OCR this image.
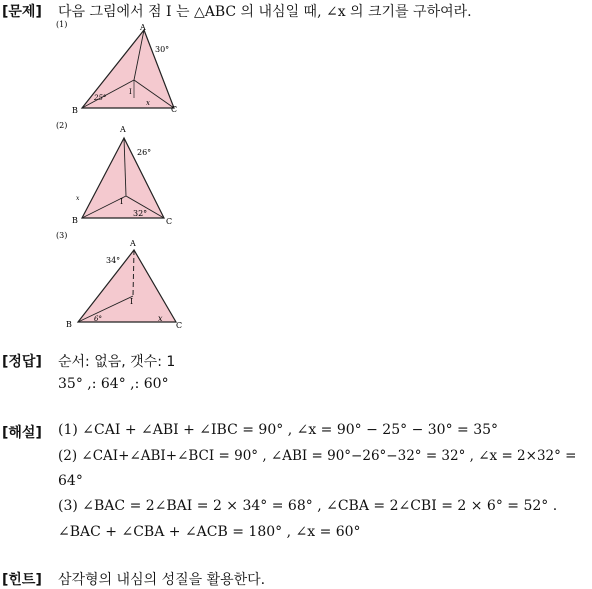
[문제] 다음 그림에서 점 I 는 △ABC 의 내심일 때, ∠x 의 크기를 구하여라.
(1)	A
B	C
I
30°
25°
x
(2)	A
B	C
I
26°
32°
x
(3)
A
B	C
I
34°
6°	x
[정답] 순서: 없음, 갯수: 1
35° ,: 64° ,: 60°
[해설] (1) ∠CAI + ∠ABI + ∠IBC = 90° , ∠x = 90° − 25° − 30° = 35°
(2) ∠CAI+∠ABI+∠BCI = 90° , ∠ABI = 90°−26°−32° = 32° , ∠x = 2×32° =
64°
(3) ∠BAC = 2∠BAI = 2 × 34° = 68° , ∠CBA = 2∠CBI = 2 × 6° = 52° .
∠BAC + ∠CBA + ∠ACB = 180° , ∠x = 60°
[힌트] 삼각형의 내심의 성질을 활용한다.
